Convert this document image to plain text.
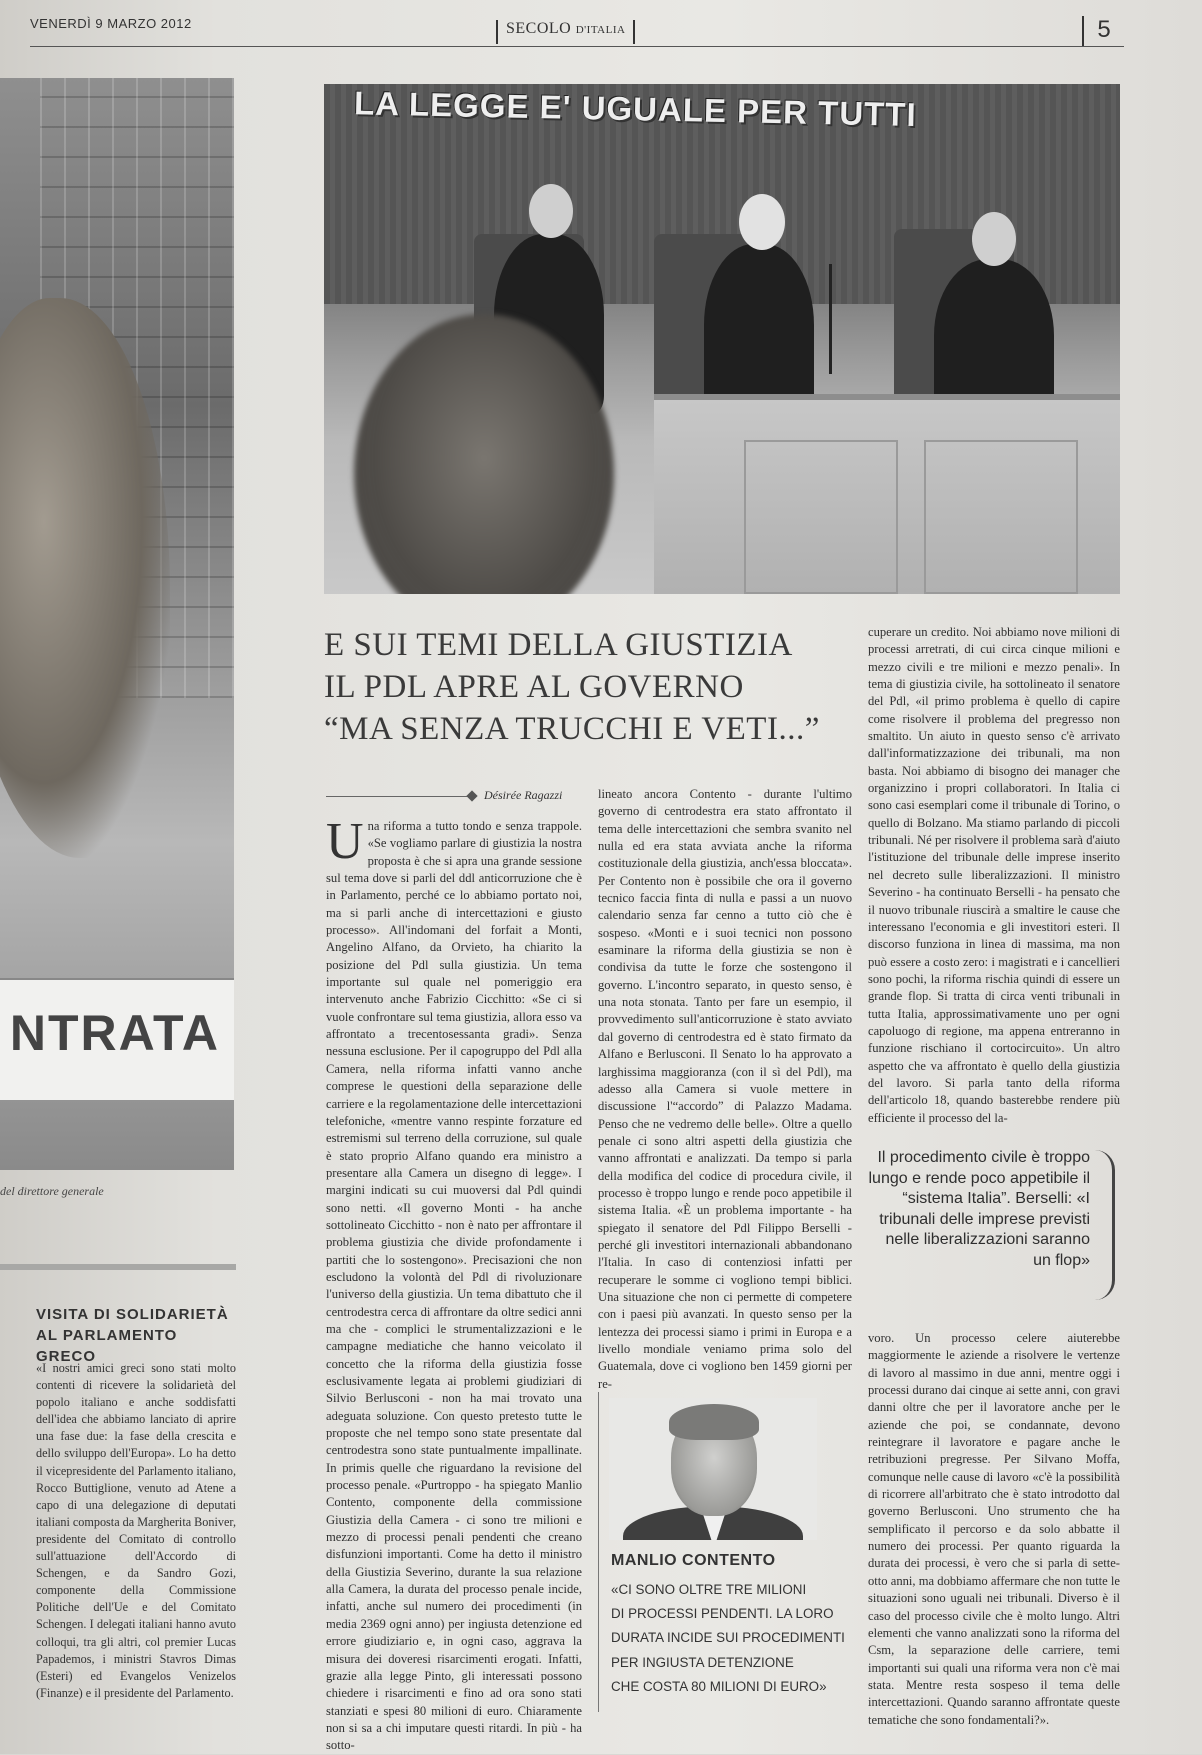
VENERDÌ 9 MARZO 2012	SECOLO D'ITALIA	5
NTRATA
del direttore generale
VISITA DI SOLIDARIETÀ AL PARLAMENTO GRECO
«I nostri amici greci sono stati molto contenti di ricevere la solidarietà del popolo italiano e anche soddisfatti dell'idea che abbiamo lanciato di aprire una fase due: la fase della crescita e dello sviluppo dell'Europa». Lo ha detto il vicepresidente del Parlamento italiano, Rocco Buttiglione, venuto ad Atene a capo di una delegazione di deputati italiani composta da Margherita Boniver, presidente del Comitato di controllo sull'attuazione dell'Accordo di Schengen, e da Sandro Gozi, componente della Commissione Politiche dell'Ue e del Comitato Schengen. I delegati italiani hanno avuto colloqui, tra gli altri, col premier Lucas Papademos, i ministri Stavros Dimas (Esteri) ed Evangelos Venizelos (Finanze) e il presidente del Parlamento.
LA LEGGE E' UGUALE PER TUTTI
E SUI TEMI DELLA GIUSTIZIA
IL PDL APRE AL GOVERNO
“MA SENZA TRUCCHI E VETI...”
Désirée Ragazzi
U na riforma a tutto tondo e senza trappole. «Se vogliamo parlare di giustizia la nostra proposta è che si apra una grande sessione sul tema dove si parli del ddl anticorruzione che è in Parlamento, perché ce lo abbiamo portato noi, ma si parli anche di intercettazioni e giusto processo». All'indomani del forfait a Monti, Angelino Alfano, da Orvieto, ha chiarito la posizione del Pdl sulla giustizia. Un tema importante sul quale nel pomeriggio era intervenuto anche Fabrizio Cicchitto: «Se ci si vuole confrontare sul tema giustizia, allora esso va affrontato a trecentosessanta gradi». Senza nessuna esclusione. Per il capogruppo del Pdl alla Camera, nella riforma infatti vanno anche comprese le questioni della separazione delle carriere e la regolamentazione delle intercettazioni telefoniche, «mentre vanno respinte forzature ed estremismi sul terreno della corruzione, sul quale è stato proprio Alfano quando era ministro a presentare alla Camera un disegno di legge». I margini indicati su cui muoversi dal Pdl quindi sono netti. «Il governo Monti - ha anche sottolineato Cicchitto - non è nato per affrontare il problema giustizia che divide profondamente i partiti che lo sostengono». Precisazioni che non escludono la volontà del Pdl di rivoluzionare l'universo della giustizia. Un tema dibattuto che il centrodestra cerca di affrontare da oltre sedici anni ma che - complici le strumentalizzazioni e le campagne mediatiche che hanno veicolato il concetto che la riforma della giustizia fosse esclusivamente legata ai problemi giudiziari di Silvio Berlusconi - non ha mai trovato una adeguata soluzione. Con questo pretesto tutte le proposte che nel tempo sono state presentate dal centrodestra sono state puntualmente impallinate. In primis quelle che riguardano la revisione del processo penale. «Purtroppo - ha spiegato Manlio Contento, componente della commissione Giustizia della Camera - ci sono tre milioni e mezzo di processi penali pendenti che creano disfunzioni importanti. Come ha detto il ministro della Giustizia Severino, durante la sua relazione alla Camera, la durata del processo penale incide, infatti, anche sul numero dei procedimenti (in media 2369 ogni anno) per ingiusta detenzione ed errore giudiziario e, in ogni caso, aggrava la misura dei doveresi risarcimenti erogati. Infatti, grazie alla legge Pinto, gli interessati possono chiedere i risarcimenti e fino ad ora sono stati stanziati e spesi 80 milioni di euro. Chiaramente non si sa a chi imputare questi ritardi. In più - ha sotto-

lineato ancora Contento - durante l'ultimo governo di centrodestra era stato affrontato il tema delle intercettazioni che sembra svanito nel nulla ed era stata avviata anche la riforma costituzionale della giustizia, anch'essa bloccata». Per Contento non è possibile che ora il governo tecnico faccia finta di nulla e passi a un nuovo calendario senza far cenno a tutto ciò che è sospeso. «Monti e i suoi tecnici non possono esaminare la riforma della giustizia se non è condivisa da tutte le forze che sostengono il governo. L'incontro separato, in questo senso, è una nota stonata. Tanto per fare un esempio, il provvedimento sull'anticorruzione è stato avviato dal governo di centrodestra ed è stato firmato da Alfano e Berlusconi. Il Senato lo ha approvato a larghissima maggioranza (con il sì del Pdl), ma adesso alla Camera si vuole mettere in discussione l'“accordo” di Palazzo Madama. Penso che ne vedremo delle belle». Oltre a quello penale ci sono altri aspetti della giustizia che vanno affrontati e analizzati. Da tempo si parla della modifica del codice di procedura civile, il processo è troppo lungo e rende poco appetibile il sistema Italia. «È un problema importante - ha spiegato il senatore del Pdl Filippo Berselli - perché gli investitori internazionali abbandonano l'Italia. In caso di contenziosi infatti per recuperare le somme ci vogliono tempi biblici. Una situazione che non ci permette di competere con i paesi più avanzati. In questo senso per la lentezza dei processi siamo i primi in Europa e a livello mondiale veniamo prima solo del Guatemala, dove ci vogliono ben 1459 giorni per re-

cuperare un credito. Noi abbiamo nove milioni di processi arretrati, di cui circa cinque milioni e mezzo civili e tre milioni e mezzo penali». In tema di giustizia civile, ha sottolineato il senatore del Pdl, «il primo problema è quello di capire come risolvere il problema del pregresso non smaltito. Un aiuto in questo senso c'è arrivato dall'informatizzazione dei tribunali, ma non basta. Noi abbiamo di bisogno dei manager che organizzino i propri collaboratori. In Italia ci sono casi esemplari come il tribunale di Torino, o quello di Bolzano. Ma stiamo parlando di piccoli tribunali. Né per risolvere il problema sarà d'aiuto l'istituzione del tribunale delle imprese inserito nel decreto sulle liberalizzazioni. Il ministro Severino - ha continuato Berselli - ha pensato che il nuovo tribunale riuscirà a smaltire le cause che interessano l'economia e gli investitori esteri. Il discorso funziona in linea di massima, ma non può essere a costo zero: i magistrati e i cancellieri sono pochi, la riforma rischia quindi di essere un grande flop. Si tratta di circa venti tribunali in tutta Italia, approssimativamente uno per ogni capoluogo di regione, ma appena entreranno in funzione rischiano il cortocircuito». Un altro aspetto che va affrontato è quello della giustizia del lavoro. Si parla tanto della riforma dell'articolo 18, quando basterebbe rendere più efficiente il processo del la-

Il procedimento civile è troppo lungo e rende poco appetibile il “sistema Italia”. Berselli: «I tribunali delle imprese previsti nelle liberalizzazioni saranno un flop»

voro. Un processo celere aiuterebbe maggiormente le aziende a risolvere le vertenze di lavoro al massimo in due anni, mentre oggi i processi durano dai cinque ai sette anni, con gravi danni oltre che per il lavoratore anche per le aziende che poi, se condannate, devono reintegrare il lavoratore e pagare anche le retribuzioni pregresse. Per Silvano Moffa, comunque nelle cause di lavoro «c'è la possibilità di ricorrere all'arbitrato che è stato introdotto dal governo Berlusconi. Uno strumento che ha semplificato il percorso e da solo abbatte il numero dei processi. Per quanto riguarda la durata dei processi, è vero che si parla di sette-otto anni, ma dobbiamo affermare che non tutte le situazioni sono uguali nei tribunali. Diverso è il caso del processo civile che è molto lungo. Altri elementi che vanno analizzati sono la riforma del Csm, la separazione delle carriere, temi importanti sui quali una riforma vera non c'è mai stata. Mentre resta sospeso il tema delle intercettazioni. Quando saranno affrontate queste tematiche che sono fondamentali?».

MANLIO CONTENTO
«CI SONO OLTRE TRE MILIONI
DI PROCESSI PENDENTI. LA LORO
DURATA INCIDE SUI PROCEDIMENTI
PER INGIUSTA DETENZIONE
CHE COSTA 80 MILIONI DI EURO»
